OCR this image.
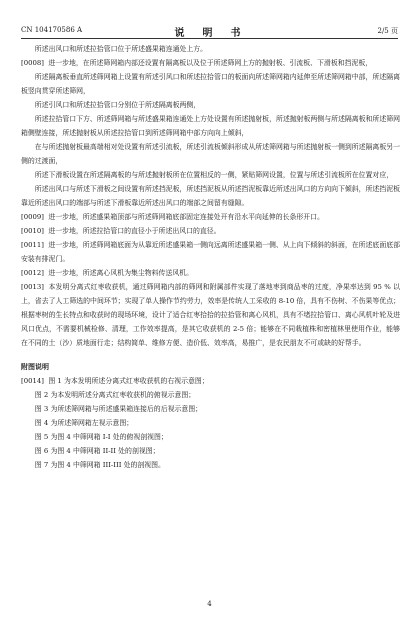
CN 104170586 A	说　明　书	2/5 页

所述出风口和所述拉拾管口位于所述盛果箱连通处上方。

[0008] 进一步地，在所述筛网箱内部还设置有隔离板以及位于所述筛网上方的抛射板、引流板、下滑板和挡泥板，

所述隔离板垂直所述筛网箱上设置有所述引风口和所述拉拾管口的板面向所述筛网箱内延伸至所述筛网箱中部，所述隔离板竖向贯穿所述筛网，

所述引风口和所述拉拾管口分别位于所述隔离板两侧，

所述拉拾管口下方、所述筛网箱与所述盛果箱连通处上方处设置有所述抛射板，所述抛射板两侧与所述隔离板和所述筛网箱侧壁连接，所述抛射板从所述拉拾管口到所述筛网箱中部方向向上倾斜，

在与所述抛射板最高端相对处设置有所述引流板，所述引流板倾斜形成从所述筛网箱与所述抛射板一侧到所述隔离板另一侧的过渡面，

所述下滑板设置在所述隔离板的与所述抛射板所在位置相反的一侧，紧贴筛网设置，位置与所述引流板所在位置对应，

所述出风口与所述下滑板之间设置有所述挡泥板，所述挡泥板从所述挡泥板靠近所述出风口的方向向下倾斜，所述挡泥板靠近所述出风口的端部与所述下滑板靠近所述出风口的端部之间留有缝隙。

[0009] 进一步地，所述盛果箱顶部与所述筛网箱底部固定连接处开有沿水平向延伸的长条形开口。

[0010] 进一步地，所述拉拾管口的直径小于所述出风口的直径。

[0011] 进一步地，所述筛网箱底面为从靠近所述盛果箱一侧向远离所述盛果箱一侧、从上向下倾斜的斜面，在所述底面底部安装有排泥门。

[0012] 进一步地，所述离心风机为集尘物料传送风机。

[0013] 本发明分离式红枣收获机，通过筛网箱内部的筛网和附属部件实现了落地枣到商品枣的过度，净果率达到 95 % 以上，省去了人工筛选的中间环节；实现了单人操作节约劳力，效率是传统人工采收的 8-10 倍，具有不伤树、不伤果等优点；根据枣树的生长特点和收获时的现场环境，设计了适合红枣拾拾的拉拾管和离心风机，具有不堵拉拾管口、离心风机叶轮及进风口优点，不需要机械检修、清理，工作效率提高，是其它收获机的 2-5 倍；能够在不同栽植株和密植林里使用作业，能够在不同的土（沙）质地面行走；结构简单、维修方便、造价低、效率高，易推广，是农民朋友不可或缺的好帮手。

附图说明

[0014] 图 1 为本发明所述分离式红枣收获机的右视示意图；

图 2 为本发明所述分离式红枣收获机的俯视示意图；

图 3 为所述筛网箱与所述盛果箱连接后的后视示意图；

图 4 为所述筛网箱左视示意图；

图 5 为图 4 中筛网箱 I-I 处的俯视剖视图；

图 6 为图 4 中筛网箱 II-II 处的剖视图；

图 7 为图 4 中筛网箱 III-III 处的剖视图。

4
